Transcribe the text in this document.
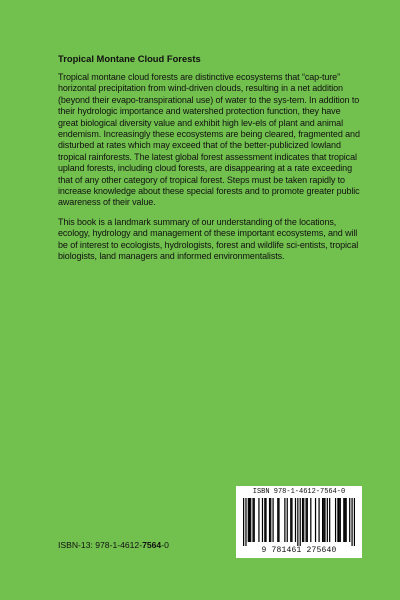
Tropical Montane Cloud Forests

Tropical montane cloud forests are distinctive ecosystems that “cap-ture” horizontal precipitation from wind-driven clouds, resulting in a net addition (beyond their evapo-transpirational use) of water to the sys-tem. In addition to their hydrologic importance and watershed protection function, they have great biological diversity value and exhibit high lev-els of plant and animal endemism. Increasingly these ecosystems are being cleared, fragmented and disturbed at rates which may exceed that of the better-publicized lowland tropical rainforests. The latest global forest assessment indicates that tropical upland forests, including cloud forests, are disappearing at a rate exceeding that of any other category of tropical forest. Steps must be taken rapidly to increase knowledge about these special forests and to promote greater public awareness of their value.

This book is a landmark summary of our understanding of the locations, ecology, hydrology and management of these important ecosystems, and will be of interest to ecologists, hydrologists, forest and wildlife sci-entists, tropical biologists, land managers and informed environmentalists.

ISBN-13: 978-1-4612-7564-0
ISBN 978-1-4612-7564-0
9 781461 275640
